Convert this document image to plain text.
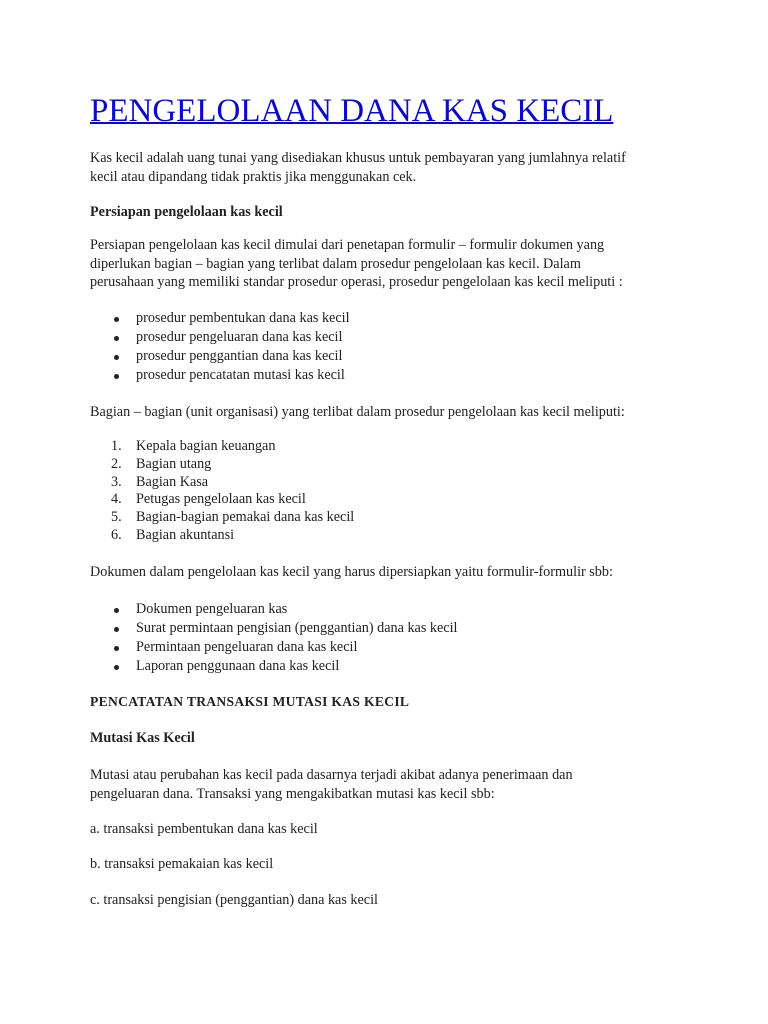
PENGELOLAAN DANA KAS KECIL
Kas kecil adalah uang tunai yang disediakan khusus untuk pembayaran yang jumlahnya relatif
kecil atau dipandang tidak praktis jika menggunakan cek.
Persiapan pengelolaan kas kecil
Persiapan pengelolaan kas kecil dimulai dari penetapan formulir – formulir dokumen yang
diperlukan bagian – bagian yang terlibat dalam prosedur pengelolaan kas kecil. Dalam
perusahaan yang memiliki standar prosedur operasi, prosedur pengelolaan kas kecil meliputi :
prosedur pembentukan dana kas kecil
prosedur pengeluaran dana kas kecil
prosedur penggantian dana kas kecil
prosedur pencatatan mutasi kas kecil
Bagian – bagian (unit organisasi) yang terlibat dalam prosedur pengelolaan kas kecil meliputi:
1. Kepala bagian keuangan
2. Bagian utang
3. Bagian Kasa
4. Petugas pengelolaan kas kecil
5. Bagian-bagian pemakai dana kas kecil
6. Bagian akuntansi
Dokumen dalam pengelolaan kas kecil yang harus dipersiapkan yaitu formulir-formulir sbb:
Dokumen pengeluaran kas
Surat permintaan pengisian (penggantian) dana kas kecil
Permintaan pengeluaran dana kas kecil
Laporan penggunaan dana kas kecil
PENCATATAN TRANSAKSI MUTASI KAS KECIL
Mutasi Kas Kecil
Mutasi atau perubahan kas kecil pada dasarnya terjadi akibat adanya penerimaan dan
pengeluaran dana. Transaksi yang mengakibatkan mutasi kas kecil sbb:
a. transaksi pembentukan dana kas kecil
b. transaksi pemakaian kas kecil
c. transaksi pengisian (penggantian) dana kas kecil
